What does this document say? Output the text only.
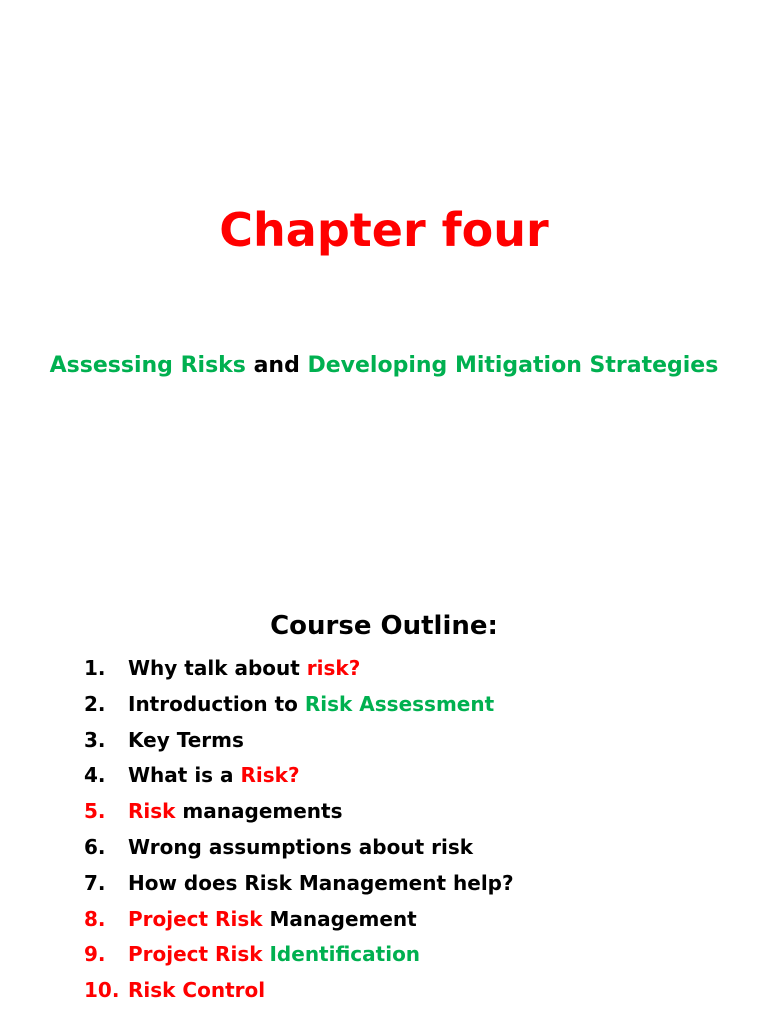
Chapter four

Assessing Risks and Developing Mitigation Strategies

Course Outline:
1.	Why talk about risk?
2.	Introduction to Risk Assessment
3.	Key Terms
4.	What is a Risk?
5.	Risk managements
6.	Wrong assumptions about risk
7.	How does Risk Management help?
8.	Project Risk Management
9.	Project Risk Identification
10. Risk Control
